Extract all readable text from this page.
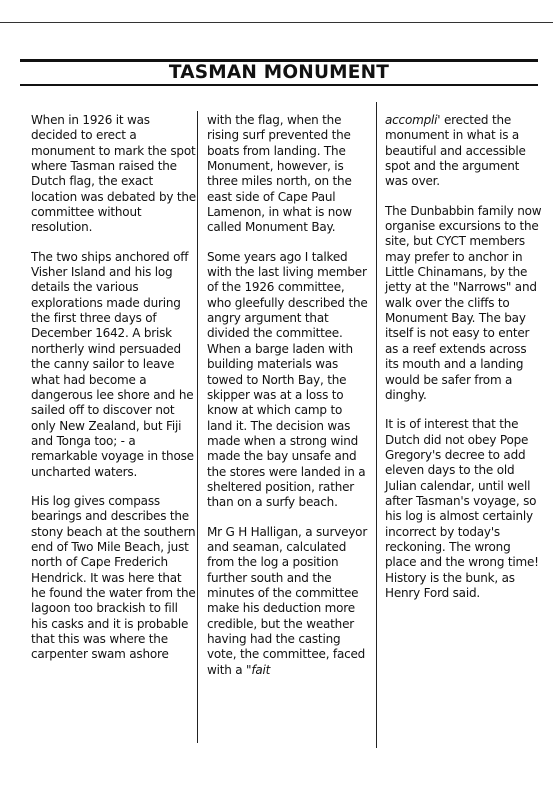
TASMAN MONUMENT

When in 1926 it was decided to erect a monument to mark the spot where Tasman raised the Dutch flag, the exact location was debated by the committee without resolution.

The two ships anchored off Visher Island and his log details the various explorations made during the first three days of December 1642. A brisk northerly wind persuaded the canny sailor to leave what had become a dangerous lee shore and he sailed off to discover not only New Zealand, but Fiji and Tonga too; - a remarkable voyage in those uncharted waters.

His log gives compass bearings and describes the stony beach at the southern end of Two Mile Beach, just north of Cape Frederich Hendrick. It was here that he found the water from the lagoon too brackish to fill his casks and it is probable that this was where the carpenter swam ashore

with the flag, when the rising surf prevented the boats from landing. The Monument, however, is three miles north, on the east side of Cape Paul Lamenon, in what is now called Monument Bay.

Some years ago I talked with the last living member of the 1926 committee, who gleefully described the angry argument that divided the committee. When a barge laden with building materials was towed to North Bay, the skipper was at a loss to know at which camp to land it. The decision was made when a strong wind made the bay unsafe and the stores were landed in a sheltered position, rather than on a surfy beach.

Mr G H Halligan, a surveyor and seaman, calculated from the log a position further south and the minutes of the committee make his deduction more credible, but the weather having had the casting vote, the committee, faced with a "fait

accompli' erected the monument in what is a beautiful and accessible spot and the argument was over.

The Dunbabbin family now organise excursions to the site, but CYCT members may prefer to anchor in Little Chinamans, by the jetty at the "Narrows" and walk over the cliffs to Monument Bay. The bay itself is not easy to enter as a reef extends across its mouth and a landing would be safer from a dinghy.

It is of interest that the Dutch did not obey Pope Gregory's decree to add eleven days to the old Julian calendar, until well after Tasman's voyage, so his log is almost certainly incorrect by today's reckoning. The wrong place and the wrong time! History is the bunk, as Henry Ford said.
